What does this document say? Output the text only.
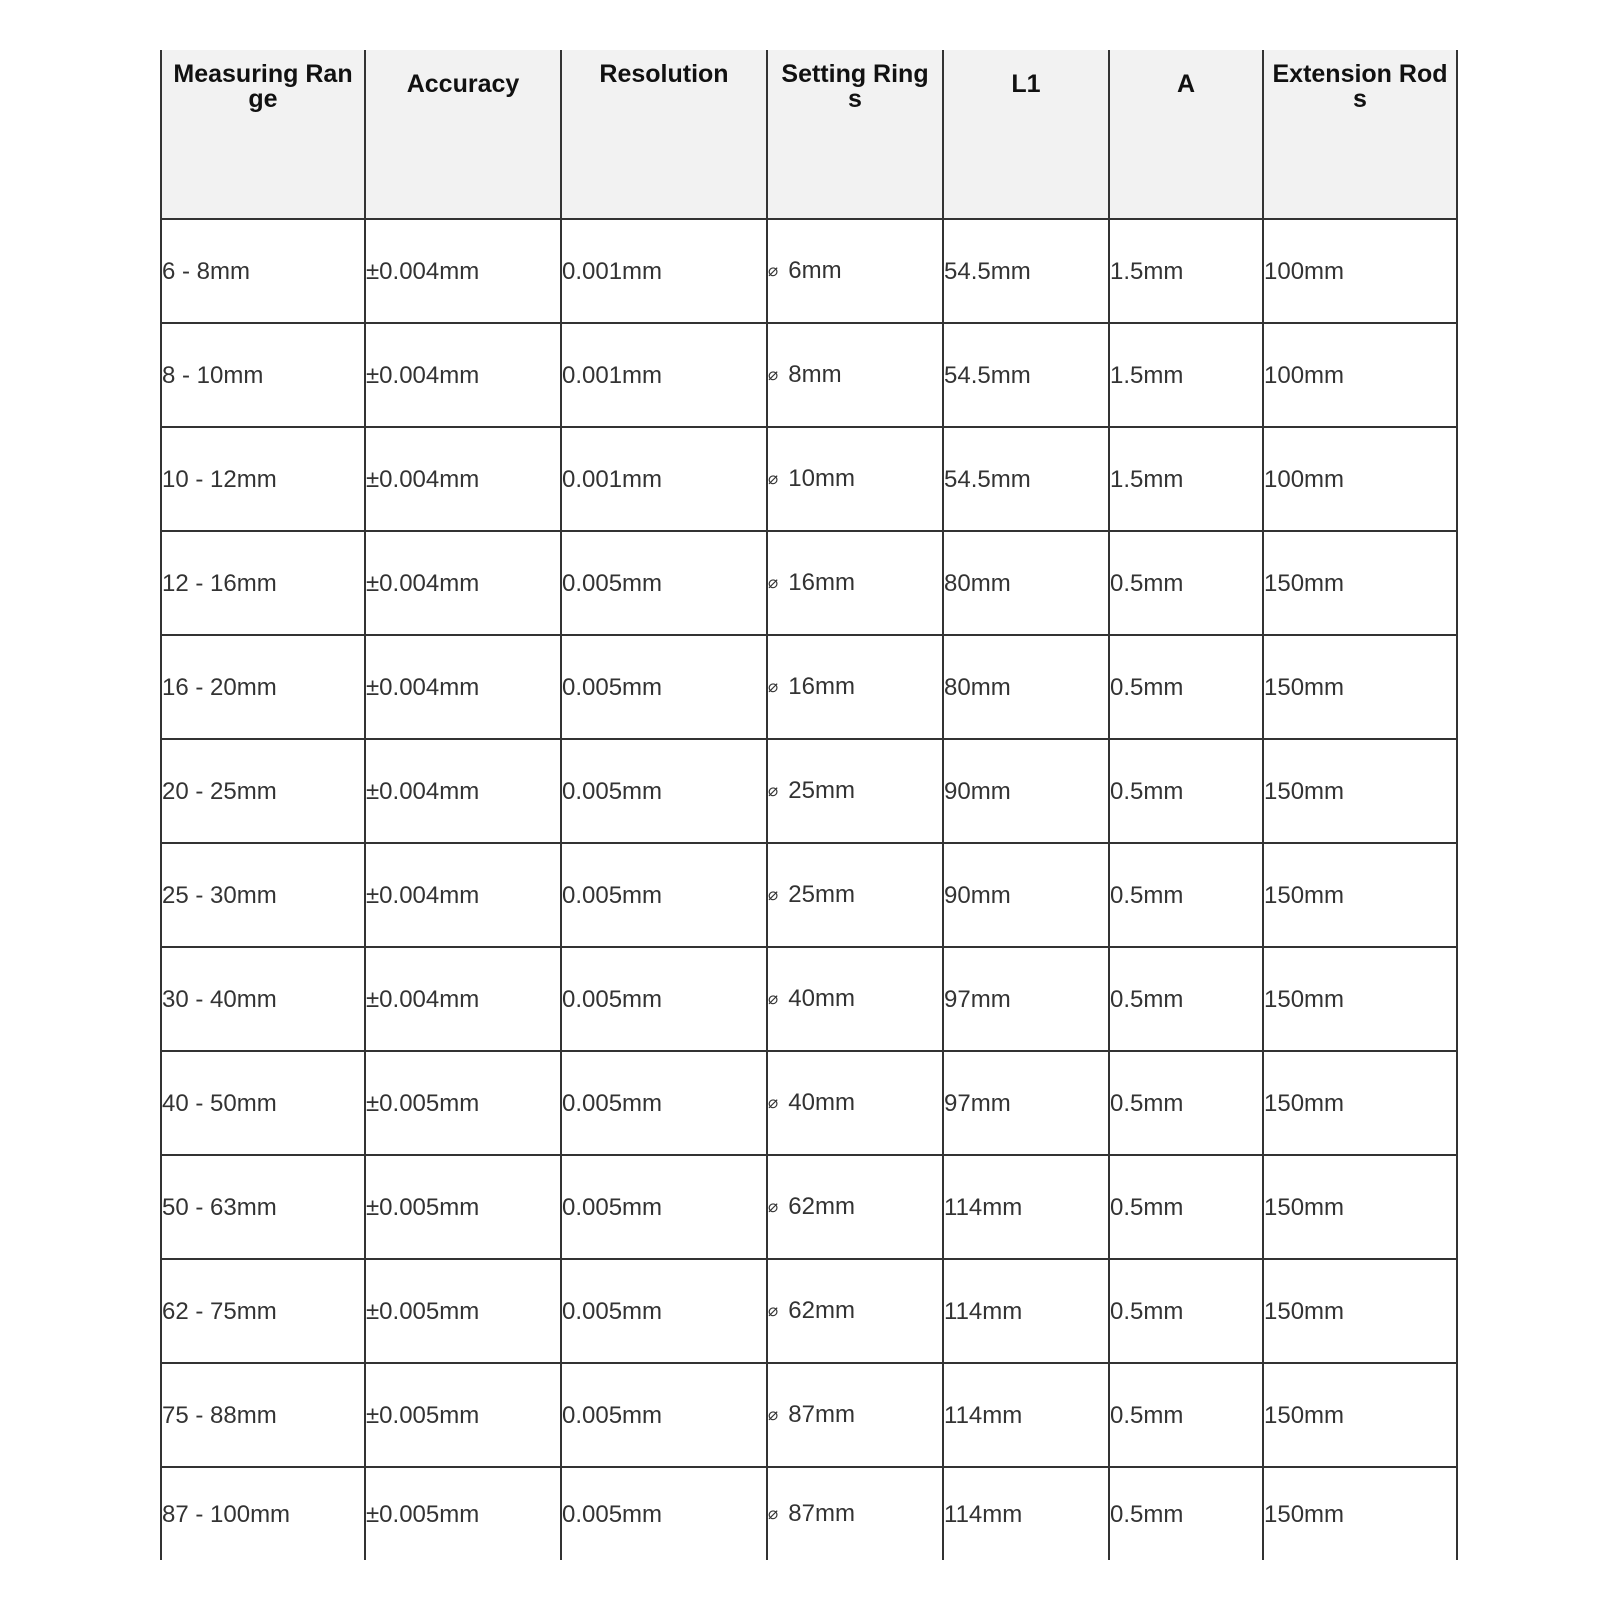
Measuring Range	Accuracy	Resolution	Setting Rings	L1	A	Extension Rods

6 - 8mm	±0.004mm	0.001mm	⌀ 6mm	54.5mm	1.5mm	100mm
8 - 10mm	±0.004mm	0.001mm	⌀ 8mm	54.5mm	1.5mm	100mm
10 - 12mm	±0.004mm	0.001mm	⌀ 10mm	54.5mm	1.5mm	100mm
12 - 16mm	±0.004mm	0.005mm	⌀ 16mm	80mm	0.5mm	150mm
16 - 20mm	±0.004mm	0.005mm	⌀ 16mm	80mm	0.5mm	150mm
20 - 25mm	±0.004mm	0.005mm	⌀ 25mm	90mm	0.5mm	150mm
25 - 30mm	±0.004mm	0.005mm	⌀ 25mm	90mm	0.5mm	150mm
30 - 40mm	±0.004mm	0.005mm	⌀ 40mm	97mm	0.5mm	150mm
40 - 50mm	±0.005mm	0.005mm	⌀ 40mm	97mm	0.5mm	150mm
50 - 63mm	±0.005mm	0.005mm	⌀ 62mm	114mm	0.5mm	150mm
62 - 75mm	±0.005mm	0.005mm	⌀ 62mm	114mm	0.5mm	150mm
75 - 88mm	±0.005mm	0.005mm	⌀ 87mm	114mm	0.5mm	150mm
87 - 100mm	±0.005mm	0.005mm	⌀ 87mm	114mm	0.5mm	150mm
